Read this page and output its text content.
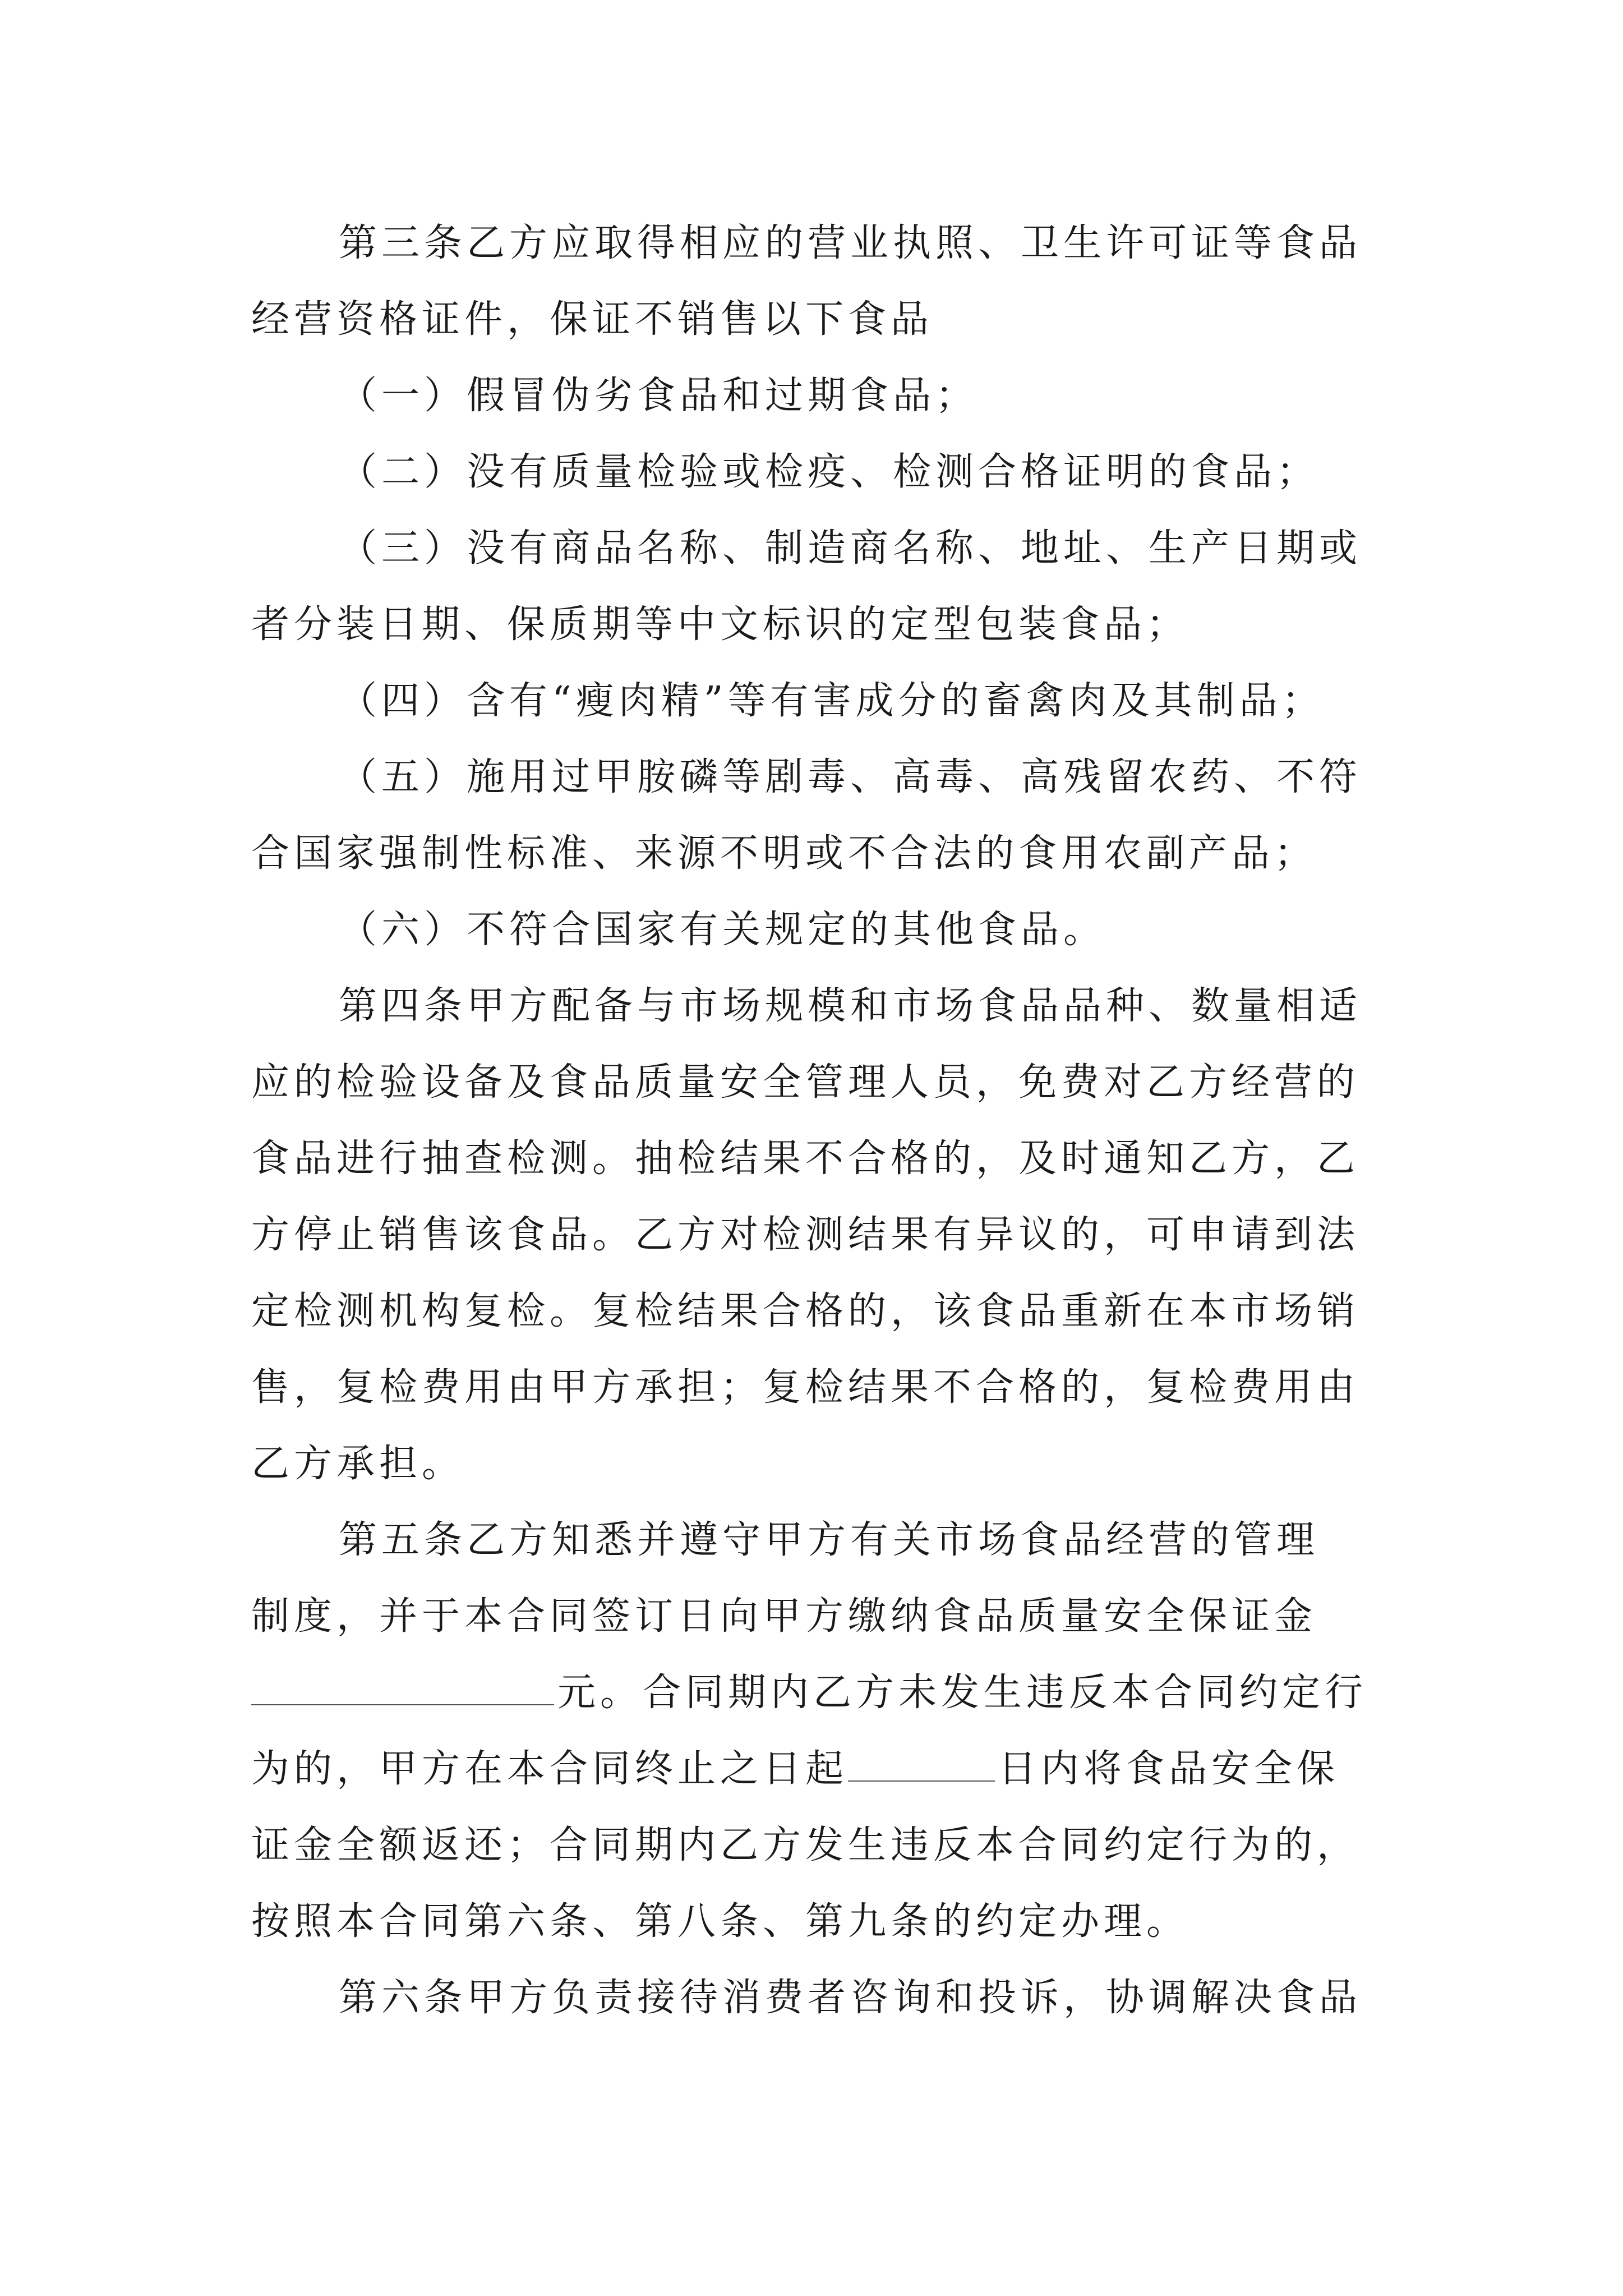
第三条乙方应取得相应的营业执照、卫生许可证等食品
经营资格证件，保证不销售以下食品
（一）假冒伪劣食品和过期食品；
（二）没有质量检验或检疫、检测合格证明的食品；
（三）没有商品名称、制造商名称、地址、生产日期或
者分装日期、保质期等中文标识的定型包装食品；
（四）含有“瘦肉精”等有害成分的畜禽肉及其制品；
（五）施用过甲胺磷等剧毒、高毒、高残留农药、不符
合国家强制性标准、来源不明或不合法的食用农副产品；
（六）不符合国家有关规定的其他食品。
第四条甲方配备与市场规模和市场食品品种、数量相适
应的检验设备及食品质量安全管理人员，免费对乙方经营的
食品进行抽查检测。抽检结果不合格的，及时通知乙方，乙
方停止销售该食品。乙方对检测结果有异议的，可申请到法
定检测机构复检。复检结果合格的，该食品重新在本市场销
售，复检费用由甲方承担；复检结果不合格的，复检费用由
乙方承担。
第五条乙方知悉并遵守甲方有关市场食品经营的管理
制度，并于本合同签订日向甲方缴纳食品质量安全保证金
元。合同期内乙方未发生违反本合同约定行
为的，甲方在本合同终止之日起	日内将食品安全保
证金全额返还；合同期内乙方发生违反本合同约定行为的，
按照本合同第六条、第八条、第九条的约定办理。
第六条甲方负责接待消费者咨询和投诉，协调解决食品
